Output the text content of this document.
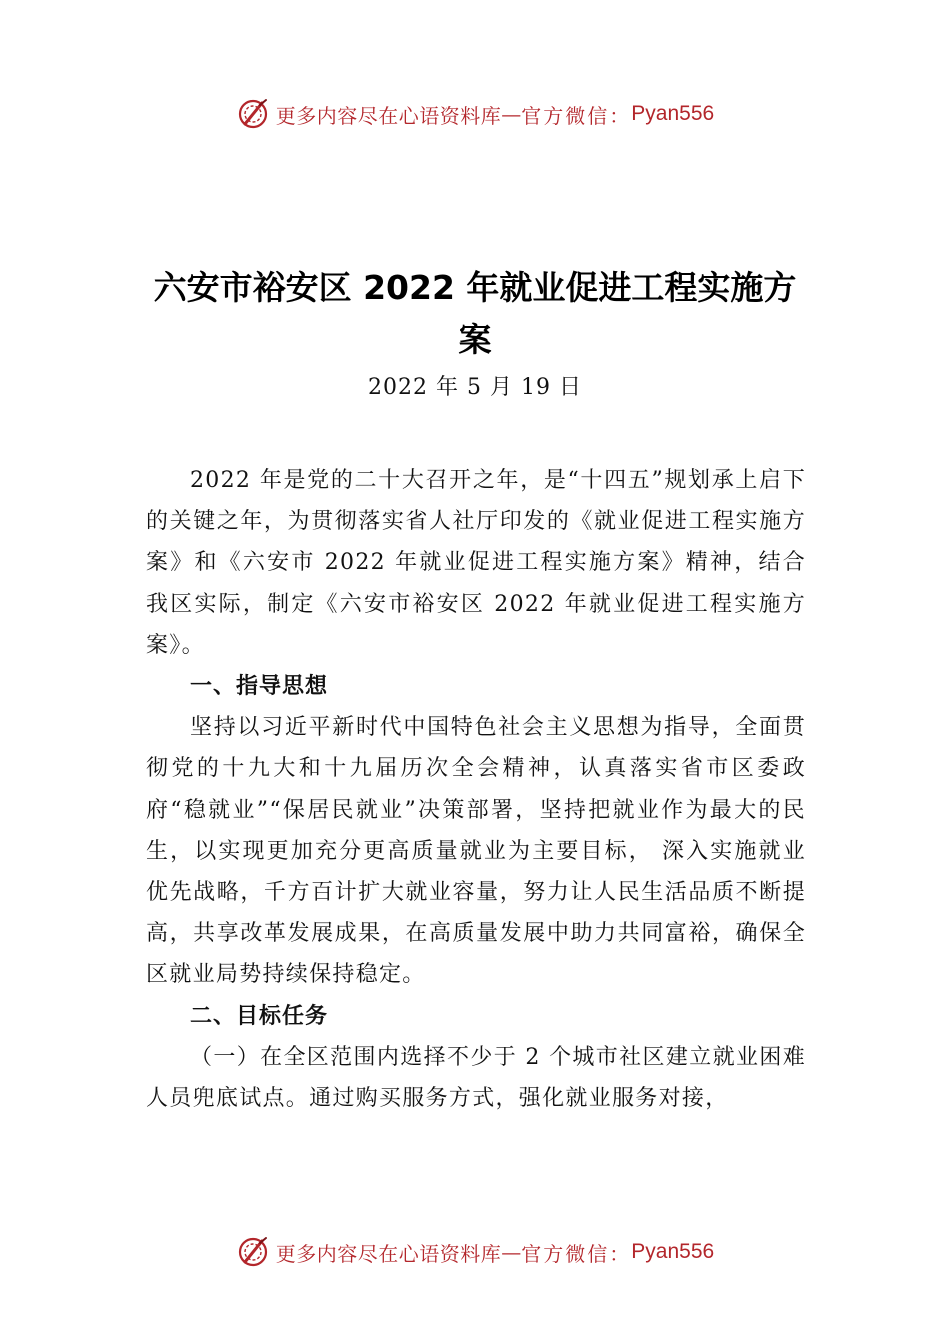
更多内容尽在心语资料库 — 官方微信： Pyan556
六安市裕安区 2022 年就业促进工程实施方
案
2022 年 5 月 19 日

2022 年是党的二十大召开之年，是“十四五”规划承上启下的关键之年，为贯彻落实省人社厅印发的《就业促进工程实施方案》和《六安市 2022 年就业促进工程实施方案》精神，结合我区实际，制定《六安市裕安区 2022 年就业促进工程实施方案》。

一、指导思想

坚持以习近平新时代中国特色社会主义思想为指导，全面贯彻党的十九大和十九届历次全会精神，认真落实省市区委政府“稳就业”“保居民就业”决策部署，坚持把就业作为最大的民生，以实现更加充分更高质量就业为主要目标， 深入实施就业优先战略，千方百计扩大就业容量，努力让人民生活品质不断提高，共享改革发展成果，在高质量发展中助力共同富裕，确保全区就业局势持续保持稳定。

二、目标任务

（一）在全区范围内选择不少于 2 个城市社区建立就业困难人员兜底试点。通过购买服务方式，强化就业服务对接，

更多内容尽在心语资料库 — 官方微信： Pyan556
